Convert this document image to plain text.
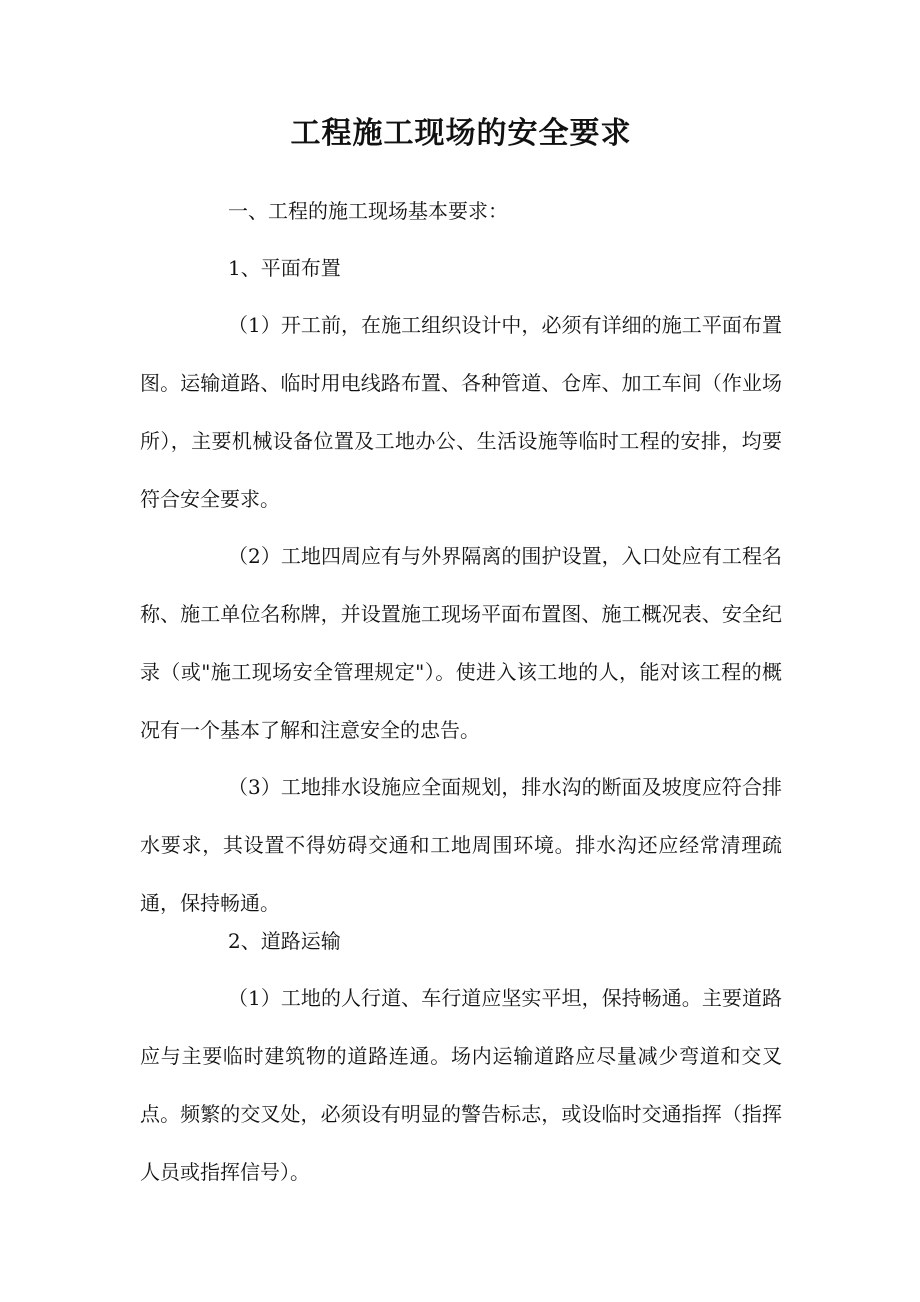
工程施工现场的安全要求

一、工程的施工现场基本要求：

1、平面布置

（1）开工前，在施工组织设计中，必须有详细的施工平面布置图。运输道路、临时用电线路布置、各种管道、仓库、加工车间（作业场所），主要机械设备位置及工地办公、生活设施等临时工程的安排，均要符合安全要求。

（2）工地四周应有与外界隔离的围护设置，入口处应有工程名称、施工单位名称牌，并设置施工现场平面布置图、施工概况表、安全纪录（或"施工现场安全管理规定"）。使进入该工地的人，能对该工程的概况有一个基本了解和注意安全的忠告。

（3）工地排水设施应全面规划，排水沟的断面及坡度应符合排水要求，其设置不得妨碍交通和工地周围环境。排水沟还应经常清理疏通，保持畅通。

2、道路运输

（1）工地的人行道、车行道应坚实平坦，保持畅通。主要道路应与主要临时建筑物的道路连通。场内运输道路应尽量减少弯道和交叉点。频繁的交叉处，必须设有明显的警告标志，或设临时交通指挥（指挥人员或指挥信号）。
